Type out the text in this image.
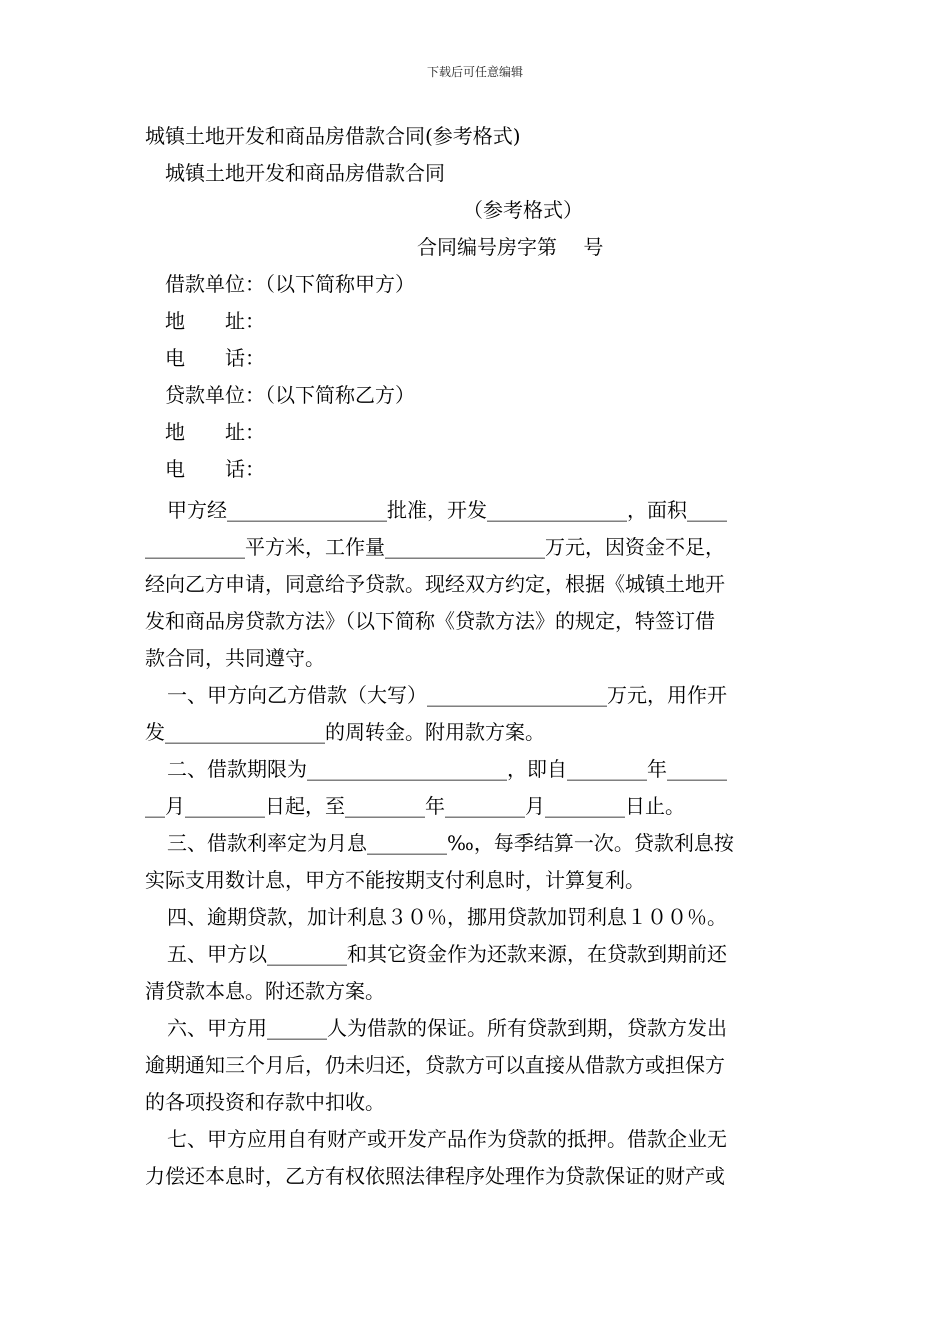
下载后可任意编辑
城镇土地开发和商品房借款合同(参考格式)
城镇土地开发和商品房借款合同
（参考格式）
合同编号房字第　 号
借款单位：（以下简称甲方）
地　　址：
电　　话：
贷款单位：（以下简称乙方）
地　　址：
电　　话：
甲方经________________批准，开发______________，面积____
__________平方米，工作量________________万元，因资金不足，
经向乙方申请，同意给予贷款。现经双方约定，根据《城镇土地开
发和商品房贷款方法》（以下简称《贷款方法》的规定，特签订借
款合同，共同遵守。
一、甲方向乙方借款（大写）__________________万元，用作开
发________________的周转金。附用款方案。
二、借款期限为____________________，即自________年______
__月________日起，至________年________月________日止。
三、借款利率定为月息________‰，每季结算一次。贷款利息按
实际支用数计息，甲方不能按期支付利息时，计算复利。
四、逾期贷款，加计利息３０％，挪用贷款加罚利息１００％。
五、甲方以________和其它资金作为还款来源，在贷款到期前还
清贷款本息。附还款方案。
六、甲方用______人为借款的保证。所有贷款到期，贷款方发出
逾期通知三个月后，仍未归还，贷款方可以直接从借款方或担保方
的各项投资和存款中扣收。
七、甲方应用自有财产或开发产品作为贷款的抵押。借款企业无
力偿还本息时，乙方有权依照法律程序处理作为贷款保证的财产或
